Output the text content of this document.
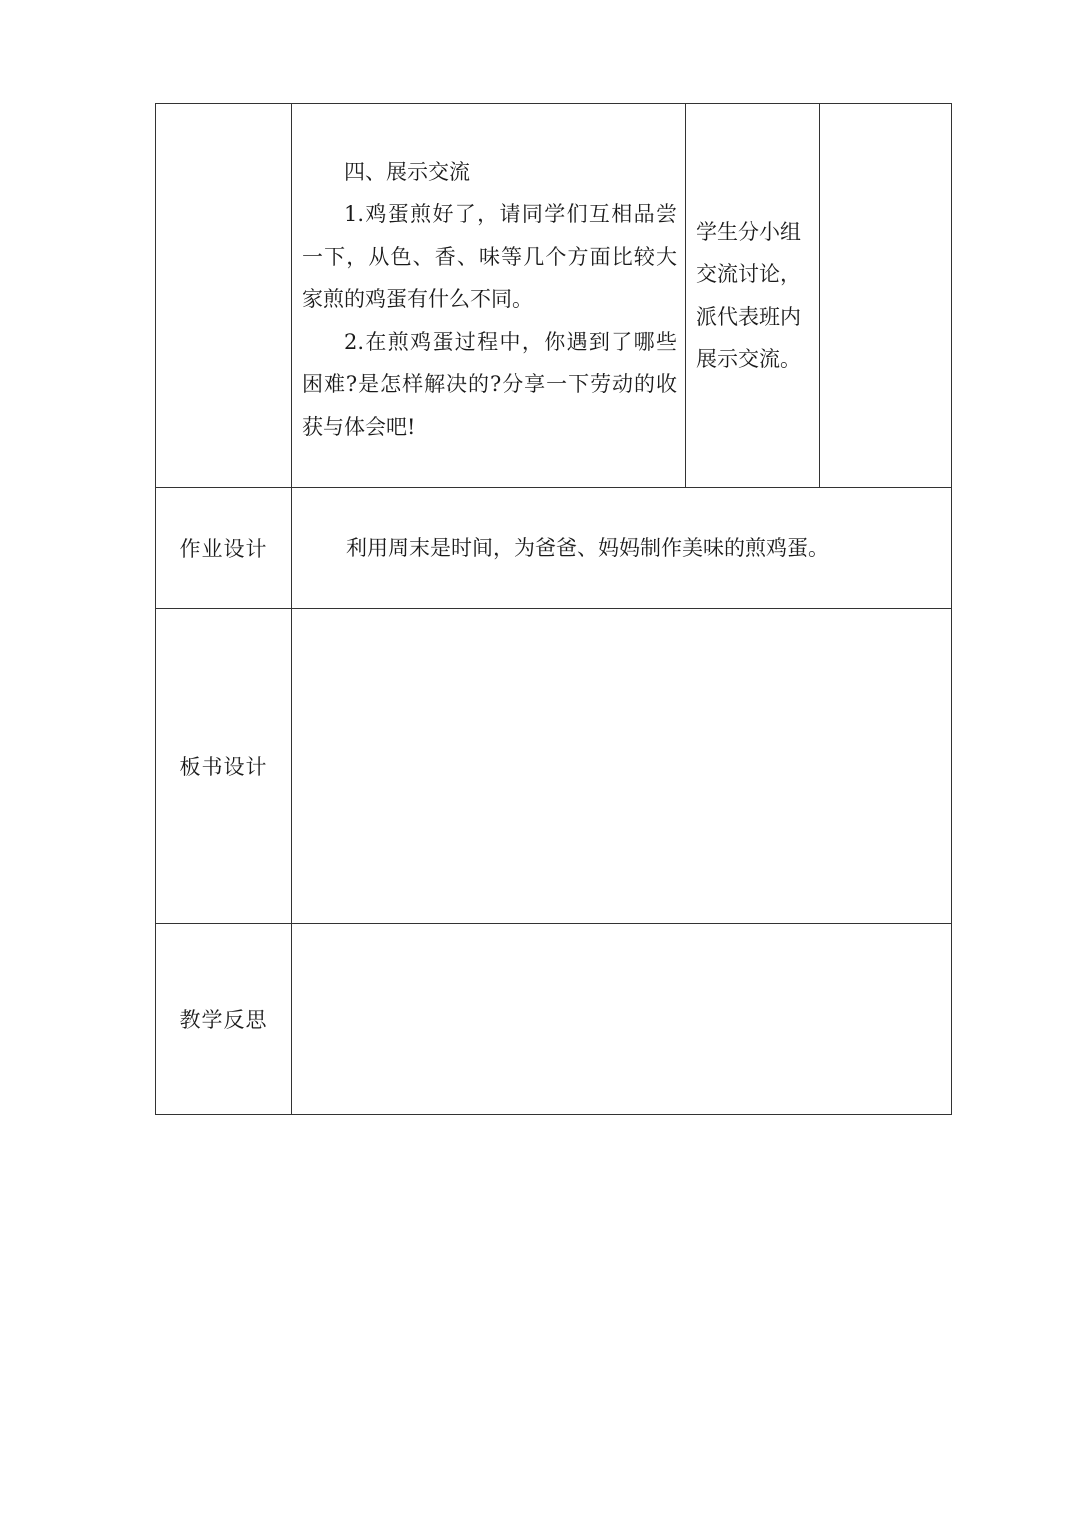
	四、展示交流

1.鸡蛋煎好了，请同学们互相品尝一下，从色、香、味等几个方面比较大家煎的鸡蛋有什么不同。

2.在煎鸡蛋过程中，你遇到了哪些困难?是怎样解决的?分享一下劳动的收获与体会吧!	学生分小组交流讨论，派代表班内展示交流。	

作业设计	利用周末是时间，为爸爸、妈妈制作美味的煎鸡蛋。		

板书设计			
教学反思			
